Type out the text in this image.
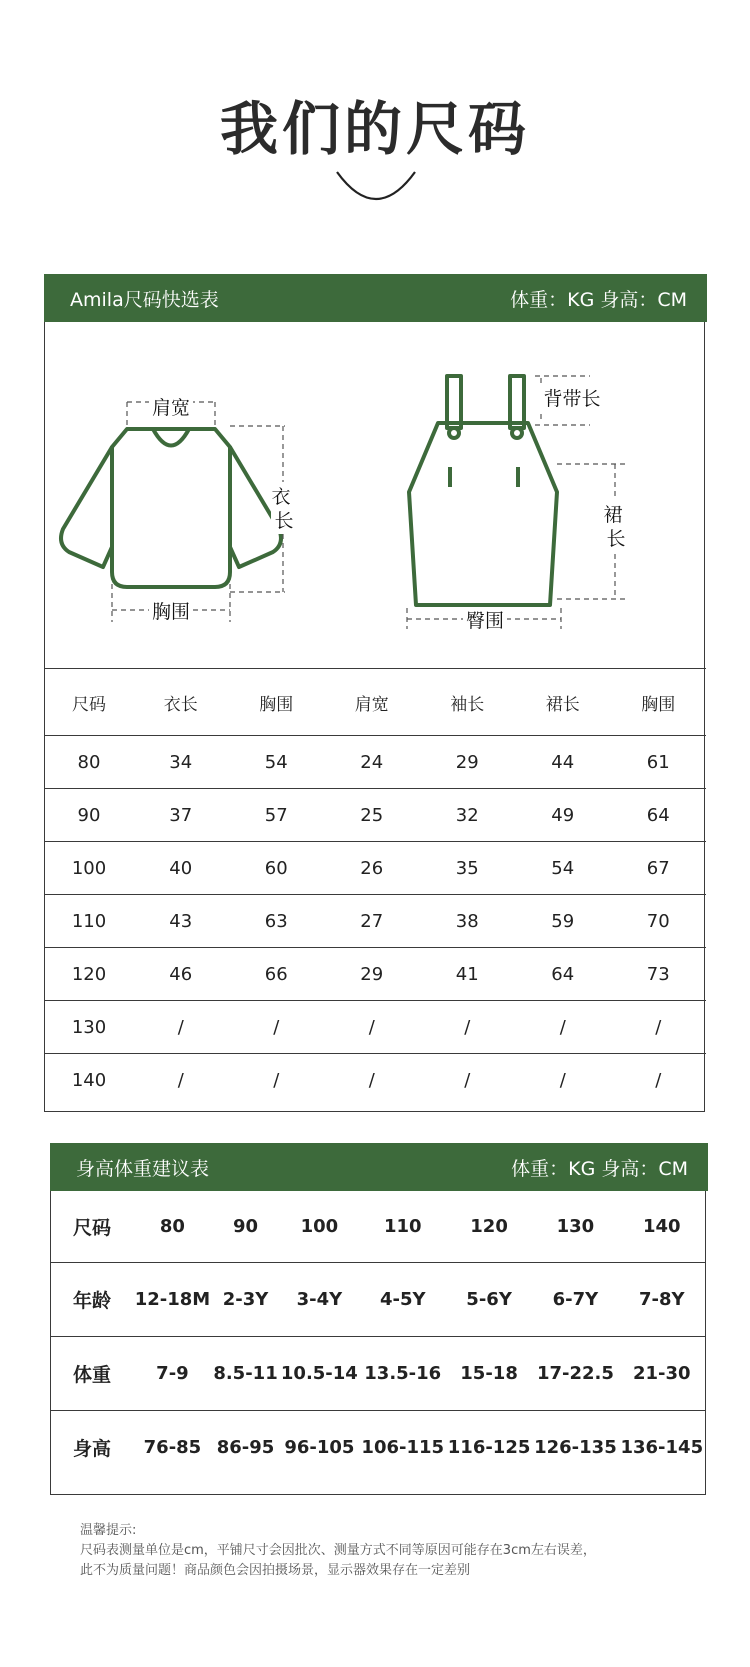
我们的尺码
Amila尺码快选表	体重：KG 身高：CM
肩宽
胸围
衣 长
背带长
裙 长
臀围
尺码	衣长	胸围	肩宽	袖长	裙长	胸围
80	34	54	24	29	44	61
90	37	57	25	32	49	64
100	40	60	26	35	54	67
110	43	63	27	38	59	70
120	46	66	29	41	64	73
130	/	/	/	/	/	/
140	/	/	/	/	/	/
身高体重建议表	体重：KG 身高：CM
尺码	80	90	100	110	120	130	140
年龄	12-18M	2-3Y	3-4Y	4-5Y	5-6Y	6-7Y	7-8Y
体重	7-9	8.5-11	10.5-14	13.5-16	15-18	17-22.5	21-30
身高	76-85	86-95	96-105	106-115	116-125	126-135	136-145
温馨提示:
尺码表测量单位是cm，平铺尺寸会因批次、测量方式不同等原因可能存在3cm左右误差，
此不为质量问题！商品颜色会因拍摄场景，显示器效果存在一定差别
